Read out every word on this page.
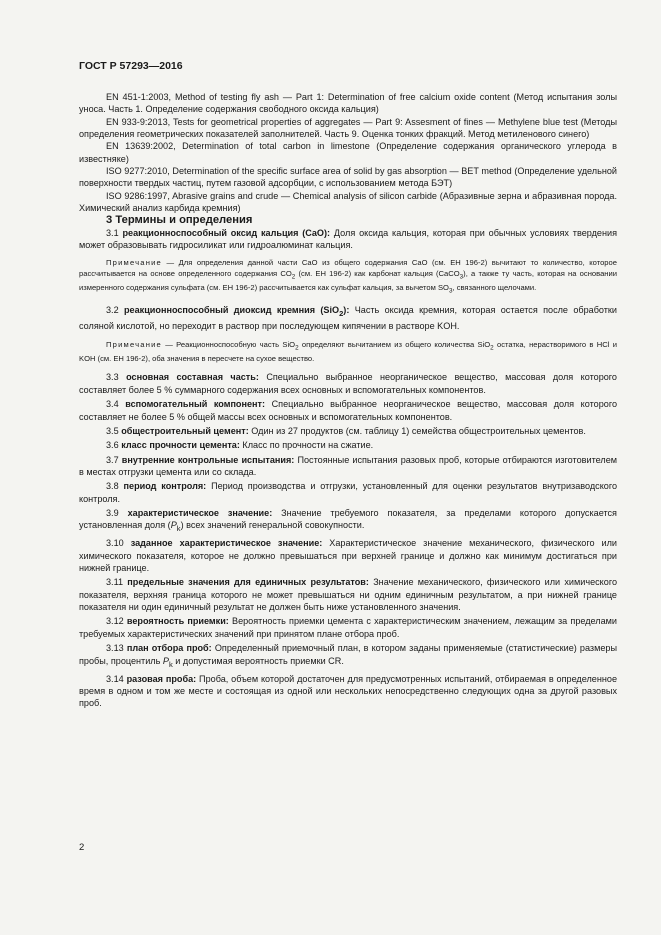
ГОСТ Р 57293—2016

EN 451-1:2003, Method of testing fly ash — Part 1: Determination of free calcium oxide content (Метод испытания золы уноса. Часть 1. Определение содержания свободного оксида кальция)

EN 933-9:2013, Tests for geometrical properties of aggregates — Part 9: Assesment of fines — Methylene blue test (Методы определения геометрических показателей заполнителей. Часть 9. Оценка тонких фракций. Метод метиленового синего)

EN 13639:2002, Determination of total carbon in limestone (Определение содержания органического углерода в известняке)

ISO 9277:2010, Determination of the specific surface area of solid by gas absorption — BET method (Определение удельной поверхности твердых частиц, путем газовой адсорбции, с использованием метода БЭТ)

ISO 9286:1997, Abrasive grains and crude — Chemical analysis of silicon carbide (Абразивные зерна и абразивная порода. Химический анализ карбида кремния)

3 Термины и определения

3.1 реакционноспособный оксид кальция (CaO): Доля оксида кальция, которая при обычных условиях твердения может образовывать гидросиликат или гидроалюминат кальция.

Примечание — Для определения данной части CaO из общего содержания CaO (см. ЕН 196-2) вычитают то количество, которое рассчитывается на основе определенного содержания $CO_2$ (см. ЕН 196-2) как карбонат кальция (CaCO$_3$), а также ту часть, которая на основании измеренного содержания сульфата (см. ЕН 196-2) рассчитывается как сульфат кальция, за вычетом $SO_3$, связанного щелочами.

3.2 реакционноспособный диоксид кремния (SiO$_2$): Часть оксида кремния, которая остается после обработки соляной кислотой, но переходит в раствор при последующем кипячении в растворе KOH.

Примечание — Реакционноспособную часть SiO$_2$ определяют вычитанием из общего количества SiO$_2$ остатка, нерастворимого в HCl и KOH (см. ЕН 196-2), оба значения в пересчете на сухое вещество.

3.3 основная составная часть: Специально выбранное неорганическое вещество, массовая доля которого составляет более 5 % суммарного содержания всех основных и вспомогательных компонентов.

3.4 вспомогательный компонент: Специально выбранное неорганическое вещество, массовая доля которого составляет не более 5 % общей массы всех основных и вспомогательных компонентов.

3.5 общестроительный цемент: Один из 27 продуктов (см. таблицу 1) семейства общестроительных цементов.

3.6 класс прочности цемента: Класс по прочности на сжатие.

3.7 внутренние контрольные испытания: Постоянные испытания разовых проб, которые отбираются изготовителем в местах отгрузки цемента или со склада.

3.8 период контроля: Период производства и отгрузки, установленный для оценки результатов внутризаводского контроля.

3.9 характеристическое значение: Значение требуемого показателя, за пределами которого допускается установленная доля $(P_k)$ всех значений генеральной совокупности.

3.10 заданное характеристическое значение: Характеристическое значение механического, физического или химического показателя, которое не должно превышаться при верхней границе и должно как минимум достигаться при нижней границе.

3.11 предельные значения для единичных результатов: Значение механического, физического или химического показателя, верхняя граница которого не может превышаться ни одним единичным результатом, а при нижней границе показателя ни один единичный результат не должен быть ниже установленного значения.

3.12 вероятность приемки: Вероятность приемки цемента с характеристическим значением, лежащим за пределами требуемых характеристических значений при принятом плане отбора проб.

3.13 план отбора проб: Определенный приемочный план, в котором заданы применяемые (статистические) размеры пробы, процентиль $P_k$ и допустимая вероятность приемки CR.

3.14 разовая проба: Проба, объем которой достаточен для предусмотренных испытаний, отбираемая в определенное время в одном и том же месте и состоящая из одной или нескольких непосредственно следующих одна за другой разовых проб.

2
